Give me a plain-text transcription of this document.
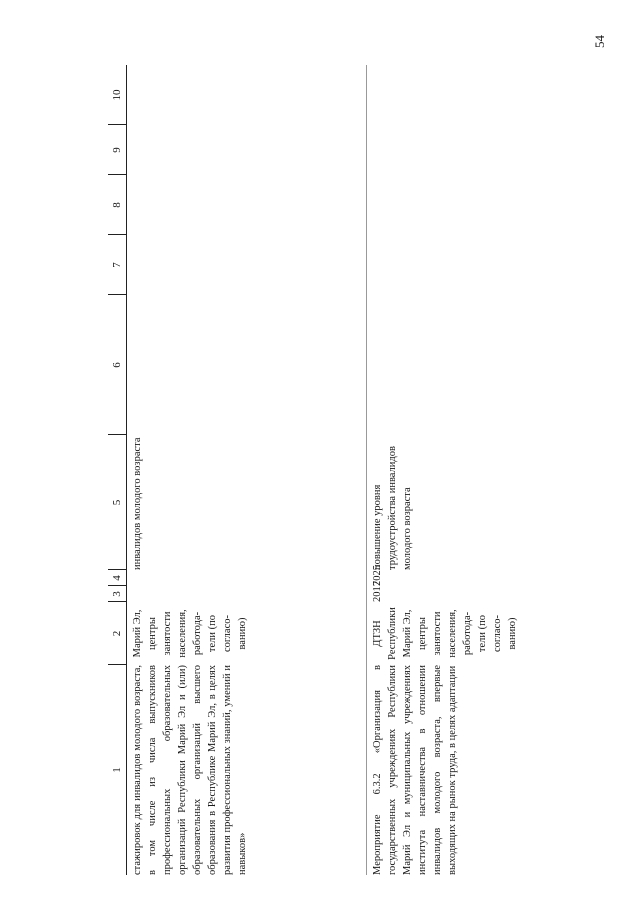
54
1
2
3
4
5
6
7
8
9
10
стажировок для инвалидов молодого возраста, в том числе из числа выпускников профессиональных образовательных организаций Республики Марий Эл и (или) образовательных организаций высшего образования в Республике Марий Эл, в целях развития профессиональных знаний, умений и навыков»
Марий Эл, центры занятости населения, работода-тели (по согласо-ванию)
инвалидов молодого возраста
Мероприятие 6.3.2 «Организация в государственных учреждениях Республики Марий Эл и муниципальных учреждениях института наставничества в отношении инвалидов молодого возраста, впервые выходящих на рынок труда, в целях адаптации
ДТЗН Республики Марий Эл, центры занятости населения, работода-тели (по согласо-ванию)
2017
2025
повышение уровня трудоустройства инвалидов молодого возраста
